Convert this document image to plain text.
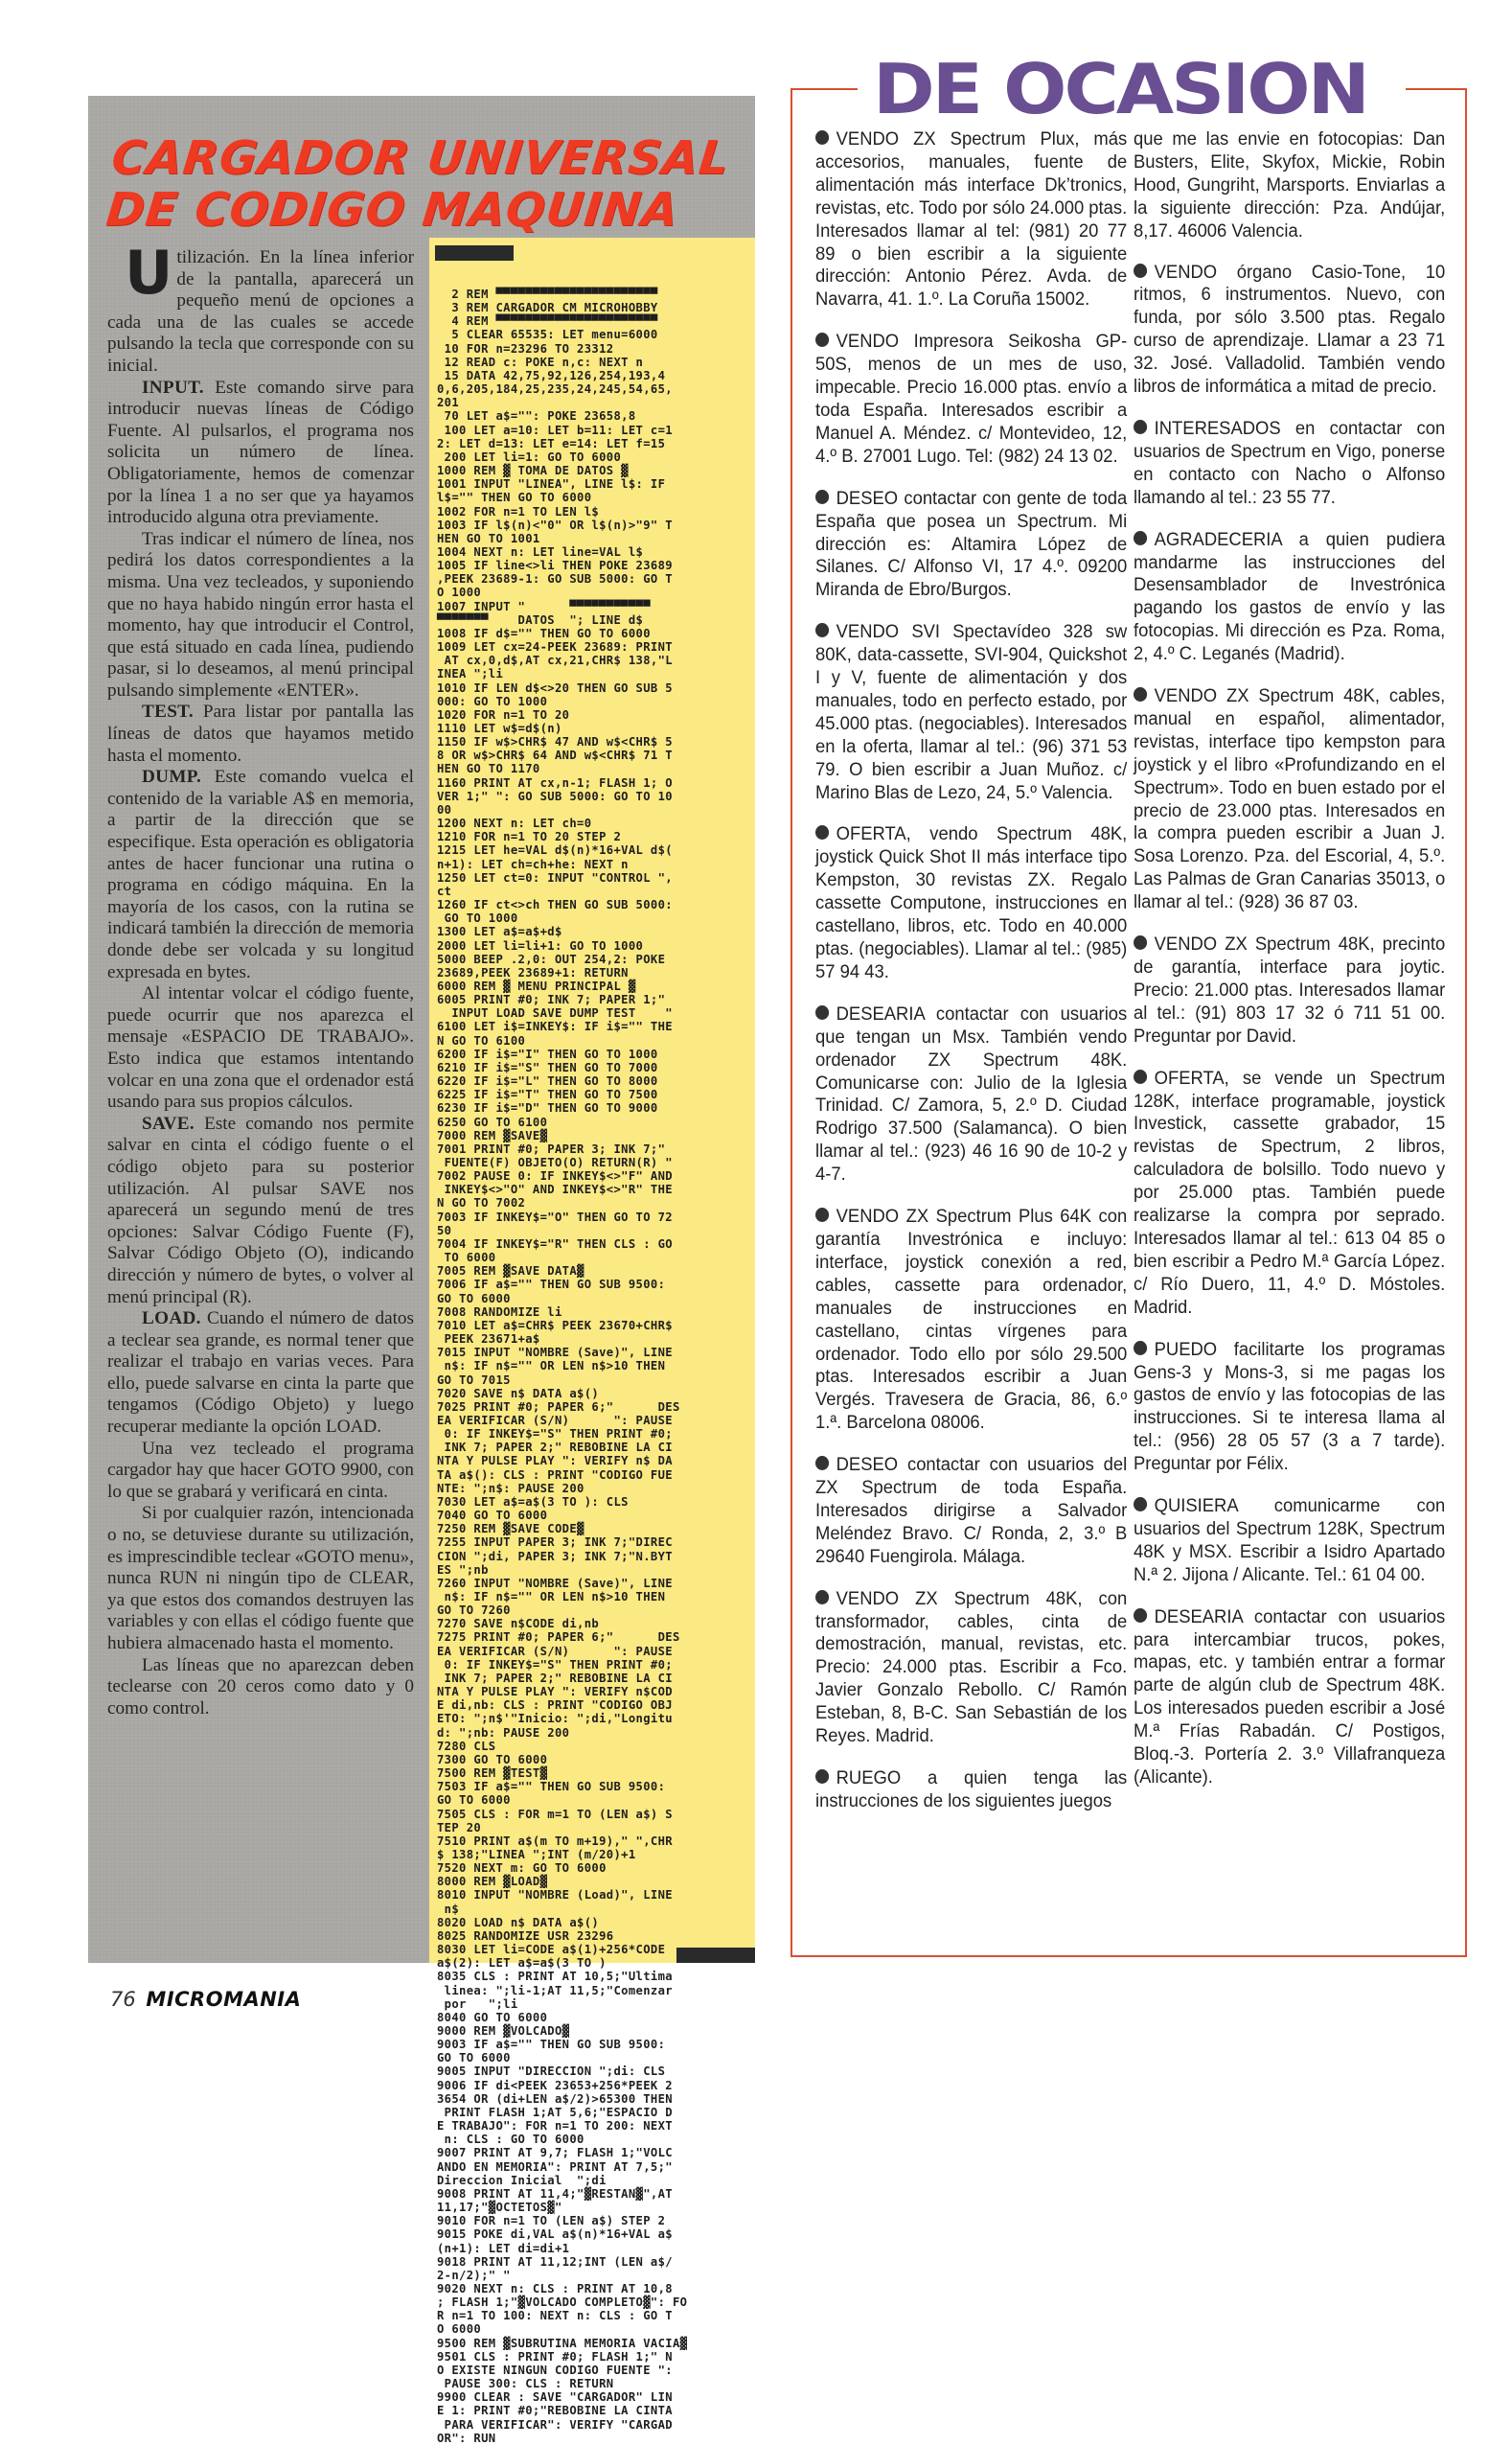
CARGADOR UNIVERSAL
DE CODIGO MAQUINA

Utilización. En la línea inferior de la pantalla, aparecerá un pequeño menú de opciones a cada una de las cuales se accede pulsando la tecla que corresponde con su inicial.

INPUT. Este comando sirve para introducir nuevas líneas de Código Fuente. Al pulsarlos, el programa nos solicita un número de línea. Obligatoriamente, hemos de comenzar por la línea 1 a no ser que ya hayamos introducido alguna otra previamente.

Tras indicar el número de línea, nos pedirá los datos correspondientes a la misma. Una vez tecleados, y suponiendo que no haya habido ningún error hasta el momento, hay que introducir el Control, que está situado en cada línea, pudiendo pasar, si lo deseamos, al menú principal pulsando simplemente «ENTER».

TEST. Para listar por pantalla las líneas de datos que hayamos metido hasta el momento.

DUMP. Este comando vuelca el contenido de la variable A$ en memoria, a partir de la dirección que se especifique. Esta operación es obligatoria antes de hacer funcionar una rutina o programa en código máquina. En la mayoría de los casos, con la rutina se indicará también la dirección de memoria donde debe ser volcada y su longitud expresada en bytes.

Al intentar volcar el código fuente, puede ocurrir que nos aparezca el mensaje «ESPACIO DE TRABAJO». Esto indica que estamos intentando volcar en una zona que el ordenador está usando para sus propios cálculos.

SAVE. Este comando nos permite salvar en cinta el código fuente o el código objeto para su posterior utilización. Al pulsar SAVE nos aparecerá un segundo menú de tres opciones: Salvar Código Fuente (F), Salvar Código Objeto (O), indicando dirección y número de bytes, o volver al menú principal (R).

LOAD. Cuando el número de datos a teclear sea grande, es normal tener que realizar el trabajo en varias veces. Para ello, puede salvarse en cinta la parte que tengamos (Código Objeto) y luego recuperar mediante la opción LOAD.

Una vez tecleado el programa cargador hay que hacer GOTO 9900, con lo que se grabará y verificará en cinta.

Si por cualquier razón, intencionada o no, se detuviese durante su utilización, es imprescindible teclear «GOTO menu», nunca RUN ni ningún tipo de CLEAR, ya que estos dos comandos destruyen las variables y con ellas el código fuente que hubiera almacenado hasta el momento.

Las líneas que no aparezcan deben teclearse con 20 ceros como dato y 0 como control.

2 REM ▀▀▀▀▀▀▀▀▀▀▀▀▀▀▀▀▀▀▀▀▀▀
3 REM CARGADOR CM MICROHOBBY
4 REM ▀▀▀▀▀▀▀▀▀▀▀▀▀▀▀▀▀▀▀▀▀▀
5 CLEAR 65535: LET menu=6000
10 FOR n=23296 TO 23312
12 READ c: POKE n,c: NEXT n
15 DATA 42,75,92,126,254,193,4
0,6,205,184,25,235,24,245,54,65,
201
70 LET a$="": POKE 23658,8
100 LET a=10: LET b=11: LET c=1
2: LET d=13: LET e=14: LET f=15
200 LET li=1: GO TO 6000
1000 REM ▓ TOMA DE DATOS ▓
1001 INPUT "LINEA", LINE l$: IF
l$="" THEN GO TO 6000
1002 FOR n=1 TO LEN l$
1003 IF l$(n)<"0" OR l$(n)>"9" T
HEN GO TO 1001
1004 NEXT n: LET line=VAL l$
1005 IF line<>li THEN POKE 23689
,PEEK 23689-1: GO SUB 5000: GO T
O 1000
1007 INPUT "      ▀▀▀▀▀▀▀▀▀▀▀
▀▀▀▀▀▀▀    DATOS  "; LINE d$
1008 IF d$="" THEN GO TO 6000
1009 LET cx=24-PEEK 23689: PRINT
AT cx,0,d$,AT cx,21,CHR$ 138,"L
INEA ";li
1010 IF LEN d$<>20 THEN GO SUB 5
000: GO TO 1000
1020 FOR n=1 TO 20
1110 LET w$=d$(n)
1150 IF w$>CHR$ 47 AND w$<CHR$ 5
8 OR w$>CHR$ 64 AND w$<CHR$ 71 T
HEN GO TO 1170
1160 PRINT AT cx,n-1; FLASH 1; O
VER 1;" ": GO SUB 5000: GO TO 10
00
1200 NEXT n: LET ch=0
1210 FOR n=1 TO 20 STEP 2
1215 LET he=VAL d$(n)*16+VAL d$(
n+1): LET ch=ch+he: NEXT n
1250 LET ct=0: INPUT "CONTROL ",
ct
1260 IF ct<>ch THEN GO SUB 5000:
GO TO 1000
1300 LET a$=a$+d$
2000 LET li=li+1: GO TO 1000
5000 BEEP .2,0: OUT 254,2: POKE
23689,PEEK 23689+1: RETURN
6000 REM ▓ MENU PRINCIPAL ▓
6005 PRINT #0; INK 7; PAPER 1;"
INPUT LOAD SAVE DUMP TEST    "
6100 LET i$=INKEY$: IF i$="" THE
N GO TO 6100
6200 IF i$="I" THEN GO TO 1000
6210 IF i$="S" THEN GO TO 7000
6220 IF i$="L" THEN GO TO 8000
6225 IF i$="T" THEN GO TO 7500
6230 IF i$="D" THEN GO TO 9000
6250 GO TO 6100
7000 REM ▓SAVE▓
7001 PRINT #0; PAPER 3; INK 7;"
FUENTE(F) OBJETO(O) RETURN(R) "
7002 PAUSE 0: IF INKEY$<>"F" AND
INKEY$<>"O" AND INKEY$<>"R" THE
N GO TO 7002
7003 IF INKEY$="O" THEN GO TO 72
50
7004 IF INKEY$="R" THEN CLS : GO
TO 6000
7005 REM ▓SAVE DATA▓
7006 IF a$="" THEN GO SUB 9500:
GO TO 6000
7008 RANDOMIZE li
7010 LET a$=CHR$ PEEK 23670+CHR$
PEEK 23671+a$
7015 INPUT "NOMBRE (Save)", LINE
n$: IF n$="" OR LEN n$>10 THEN
GO TO 7015
7020 SAVE n$ DATA a$()
7025 PRINT #0; PAPER 6;"      DES
EA VERIFICAR (S/N)      ": PAUSE
0: IF INKEY$="S" THEN PRINT #0;
INK 7; PAPER 2;" REBOBINE LA CI
NTA Y PULSE PLAY ": VERIFY n$ DA
TA a$(): CLS : PRINT "CODIGO FUE
NTE: ";n$: PAUSE 200
7030 LET a$=a$(3 TO ): CLS
7040 GO TO 6000
7250 REM ▓SAVE CODE▓
7255 INPUT PAPER 3; INK 7;"DIREC
CION ";di, PAPER 3; INK 7;"N.BYT
ES ";nb
7260 INPUT "NOMBRE (Save)", LINE
n$: IF n$="" OR LEN n$>10 THEN
GO TO 7260
7270 SAVE n$CODE di,nb
7275 PRINT #0; PAPER 6;"      DES
EA VERIFICAR (S/N)      ": PAUSE
0: IF INKEY$="S" THEN PRINT #0;
INK 7; PAPER 2;" REBOBINE LA CI
NTA Y PULSE PLAY ": VERIFY n$COD
E di,nb: CLS : PRINT "CODIGO OBJ
ETO: ";n$'"Inicio: ";di,"Longitu
d: ";nb: PAUSE 200
7280 CLS
7300 GO TO 6000
7500 REM ▓TEST▓
7503 IF a$="" THEN GO SUB 9500:
GO TO 6000
7505 CLS : FOR m=1 TO (LEN a$) S
TEP 20
7510 PRINT a$(m TO m+19)," ",CHR
$ 138;"LINEA ";INT (m/20)+1
7520 NEXT m: GO TO 6000
8000 REM ▓LOAD▓
8010 INPUT "NOMBRE (Load)", LINE
n$
8020 LOAD n$ DATA a$()
8025 RANDOMIZE USR 23296
8030 LET li=CODE a$(1)+256*CODE
a$(2): LET a$=a$(3 TO )
8035 CLS : PRINT AT 10,5;"Ultima
linea: ";li-1;AT 11,5;"Comenzar
por   ";li
8040 GO TO 6000
9000 REM ▓VOLCADO▓
9003 IF a$="" THEN GO SUB 9500:
GO TO 6000
9005 INPUT "DIRECCION ";di: CLS
9006 IF di<PEEK 23653+256*PEEK 2
3654 OR (di+LEN a$/2)>65300 THEN
PRINT FLASH 1;AT 5,6;"ESPACIO D
E TRABAJO": FOR n=1 TO 200: NEXT
n: CLS : GO TO 6000
9007 PRINT AT 9,7; FLASH 1;"VOLC
ANDO EN MEMORIA": PRINT AT 7,5;"
Direccion Inicial  ";di
9008 PRINT AT 11,4;"▓RESTAN▓",AT
11,17;"▓OCTETOS▓"
9010 FOR n=1 TO (LEN a$) STEP 2
9015 POKE di,VAL a$(n)*16+VAL a$
(n+1): LET di=di+1
9018 PRINT AT 11,12;INT (LEN a$/
2-n/2);" "
9020 NEXT n: CLS : PRINT AT 10,8
; FLASH 1;"▓VOLCADO COMPLETO▓": FO
R n=1 TO 100: NEXT n: CLS : GO T
O 6000
9500 REM ▓SUBRUTINA MEMORIA VACIA▓
9501 CLS : PRINT #0; FLASH 1;" N
O EXISTE NINGUN CODIGO FUENTE ":
PAUSE 300: CLS : RETURN
9900 CLEAR : SAVE "CARGADOR" LIN
E 1: PRINT #0;"REBOBINE LA CINTA
PARA VERIFICAR": VERIFY "CARGAD
OR": RUN
VENDO ZX Spectrum Plux, más accesorios, manuales, fuente de alimentación más interface Dk’tronics, revistas, etc. Todo por sólo 24.000 ptas. Interesados llamar al tel: (981) 20 77 89 o bien escribir a la siguiente dirección: Antonio Pérez. Avda. de Navarra, 41. 1.º. La Coruña 15002.
VENDO Impresora Seikosha GP-50S, menos de un mes de uso, impecable. Precio 16.000 ptas. envío a toda España. Interesados escribir a Manuel A. Méndez. c/ Montevideo, 12, 4.º B. 27001 Lugo. Tel: (982) 24 13 02.
DESEO contactar con gente de toda España que posea un Spectrum. Mi dirección es: Altamira López de Silanes. C/ Alfonso VI, 17 4.º. 09200 Miranda de Ebro/Burgos.
VENDO SVI Spectavídeo 328 sw 80K, data-cassette, SVI-904, Quickshot I y V, fuente de alimentación y dos manuales, todo en perfecto estado, por 45.000 ptas. (negociables). Interesados en la oferta, llamar al tel.: (96) 371 53 79. O bien escribir a Juan Muñoz. c/ Marino Blas de Lezo, 24, 5.º Valencia.
OFERTA, vendo Spectrum 48K, joystick Quick Shot II más interface tipo Kempston, 30 revistas ZX. Regalo cassette Computone, instrucciones en castellano, libros, etc. Todo en 40.000 ptas. (negociables). Llamar al tel.: (985) 57 94 43.
DESEARIA contactar con usuarios que tengan un Msx. También vendo ordenador ZX Spectrum 48K. Comunicarse con: Julio de la Iglesia Trinidad. C/ Zamora, 5, 2.º D. Ciudad Rodrigo 37.500 (Salamanca). O bien llamar al tel.: (923) 46 16 90 de 10-2 y 4-7.
VENDO ZX Spectrum Plus 64K con garantía Investrónica e incluyo: interface, joystick conexión a red, cables, cassette para ordenador, manuales de instrucciones en castellano, cintas vírgenes para ordenador. Todo ello por sólo 29.500 ptas. Interesados escribir a Juan Vergés. Travesera de Gracia, 86, 6.º 1.ª. Barcelona 08006.
DESEO contactar con usuarios del ZX Spectrum de toda España. Interesados dirigirse a Salvador Meléndez Bravo. C/ Ronda, 2, 3.º B 29640 Fuengirola. Málaga.
VENDO ZX Spectrum 48K, con transformador, cables, cinta de demostración, manual, revistas, etc. Precio: 24.000 ptas. Escribir a Fco. Javier Gonzalo Rebollo. C/ Ramón Esteban, 8, B-C. San Sebastián de los Reyes. Madrid.
RUEGO a quien tenga las instrucciones de los siguientes juegos
que me las envie en fotocopias: Dan Busters, Elite, Skyfox, Mickie, Robin Hood, Gungriht, Marsports. Enviarlas a la siguiente dirección: Pza. Andújar, 8,17. 46006 Valencia.
VENDO órgano Casio-Tone, 10 ritmos, 6 instrumentos. Nuevo, con funda, por sólo 3.500 ptas. Regalo curso de aprendizaje. Llamar a 23 71 32. José. Valladolid. También vendo libros de informática a mitad de precio.
INTERESADOS en contactar con usuarios de Spectrum en Vigo, ponerse en contacto con Nacho o Alfonso llamando al tel.: 23 55 77.
AGRADECERIA a quien pudiera mandarme las instrucciones del Desensamblador de Investrónica pagando los gastos de envío y las fotocopias. Mi dirección es Pza. Roma, 2, 4.º C. Leganés (Madrid).
VENDO ZX Spectrum 48K, cables, manual en español, alimentador, revistas, interface tipo kempston para joystick y el libro «Profundizando en el Spectrum». Todo en buen estado por el precio de 23.000 ptas. Interesados en la compra pueden escribir a Juan J. Sosa Lorenzo. Pza. del Escorial, 4, 5.º. Las Palmas de Gran Canarias 35013, o llamar al tel.: (928) 36 87 03.
VENDO ZX Spectrum 48K, precinto de garantía, interface para joytic. Precio: 21.000 ptas. Interesados llamar al tel.: (91) 803 17 32 ó 711 51 00. Preguntar por David.
OFERTA, se vende un Spectrum 128K, interface programable, joystick Investick, cassette grabador, 15 revistas de Spectrum, 2 libros, calculadora de bolsillo. Todo nuevo y por 25.000 ptas. También puede realizarse la compra por seprado. Interesados llamar al tel.: 613 04 85 o bien escribir a Pedro M.ª García López. c/ Río Duero, 11, 4.º D. Móstoles. Madrid.
PUEDO facilitarte los programas Gens-3 y Mons-3, si me pagas los gastos de envío y las fotocopias de las instrucciones. Si te interesa llama al tel.: (956) 28 05 57 (3 a 7 tarde). Preguntar por Félix.
QUISIERA comunicarme con usuarios del Spectrum 128K, Spectrum 48K y MSX. Escribir a Isidro Apartado N.ª 2. Jijona / Alicante. Tel.: 61 04 00.
DESEARIA contactar con usuarios para intercambiar trucos, pokes, mapas, etc. y también entrar a formar parte de algún club de Spectrum 48K. Los interesados pueden escribir a José M.ª Frías Rabadán. C/ Postigos, Bloq.-3. Portería 2. 3.º Villafranqueza (Alicante).
DE OCASION
76 MICROMANIA
